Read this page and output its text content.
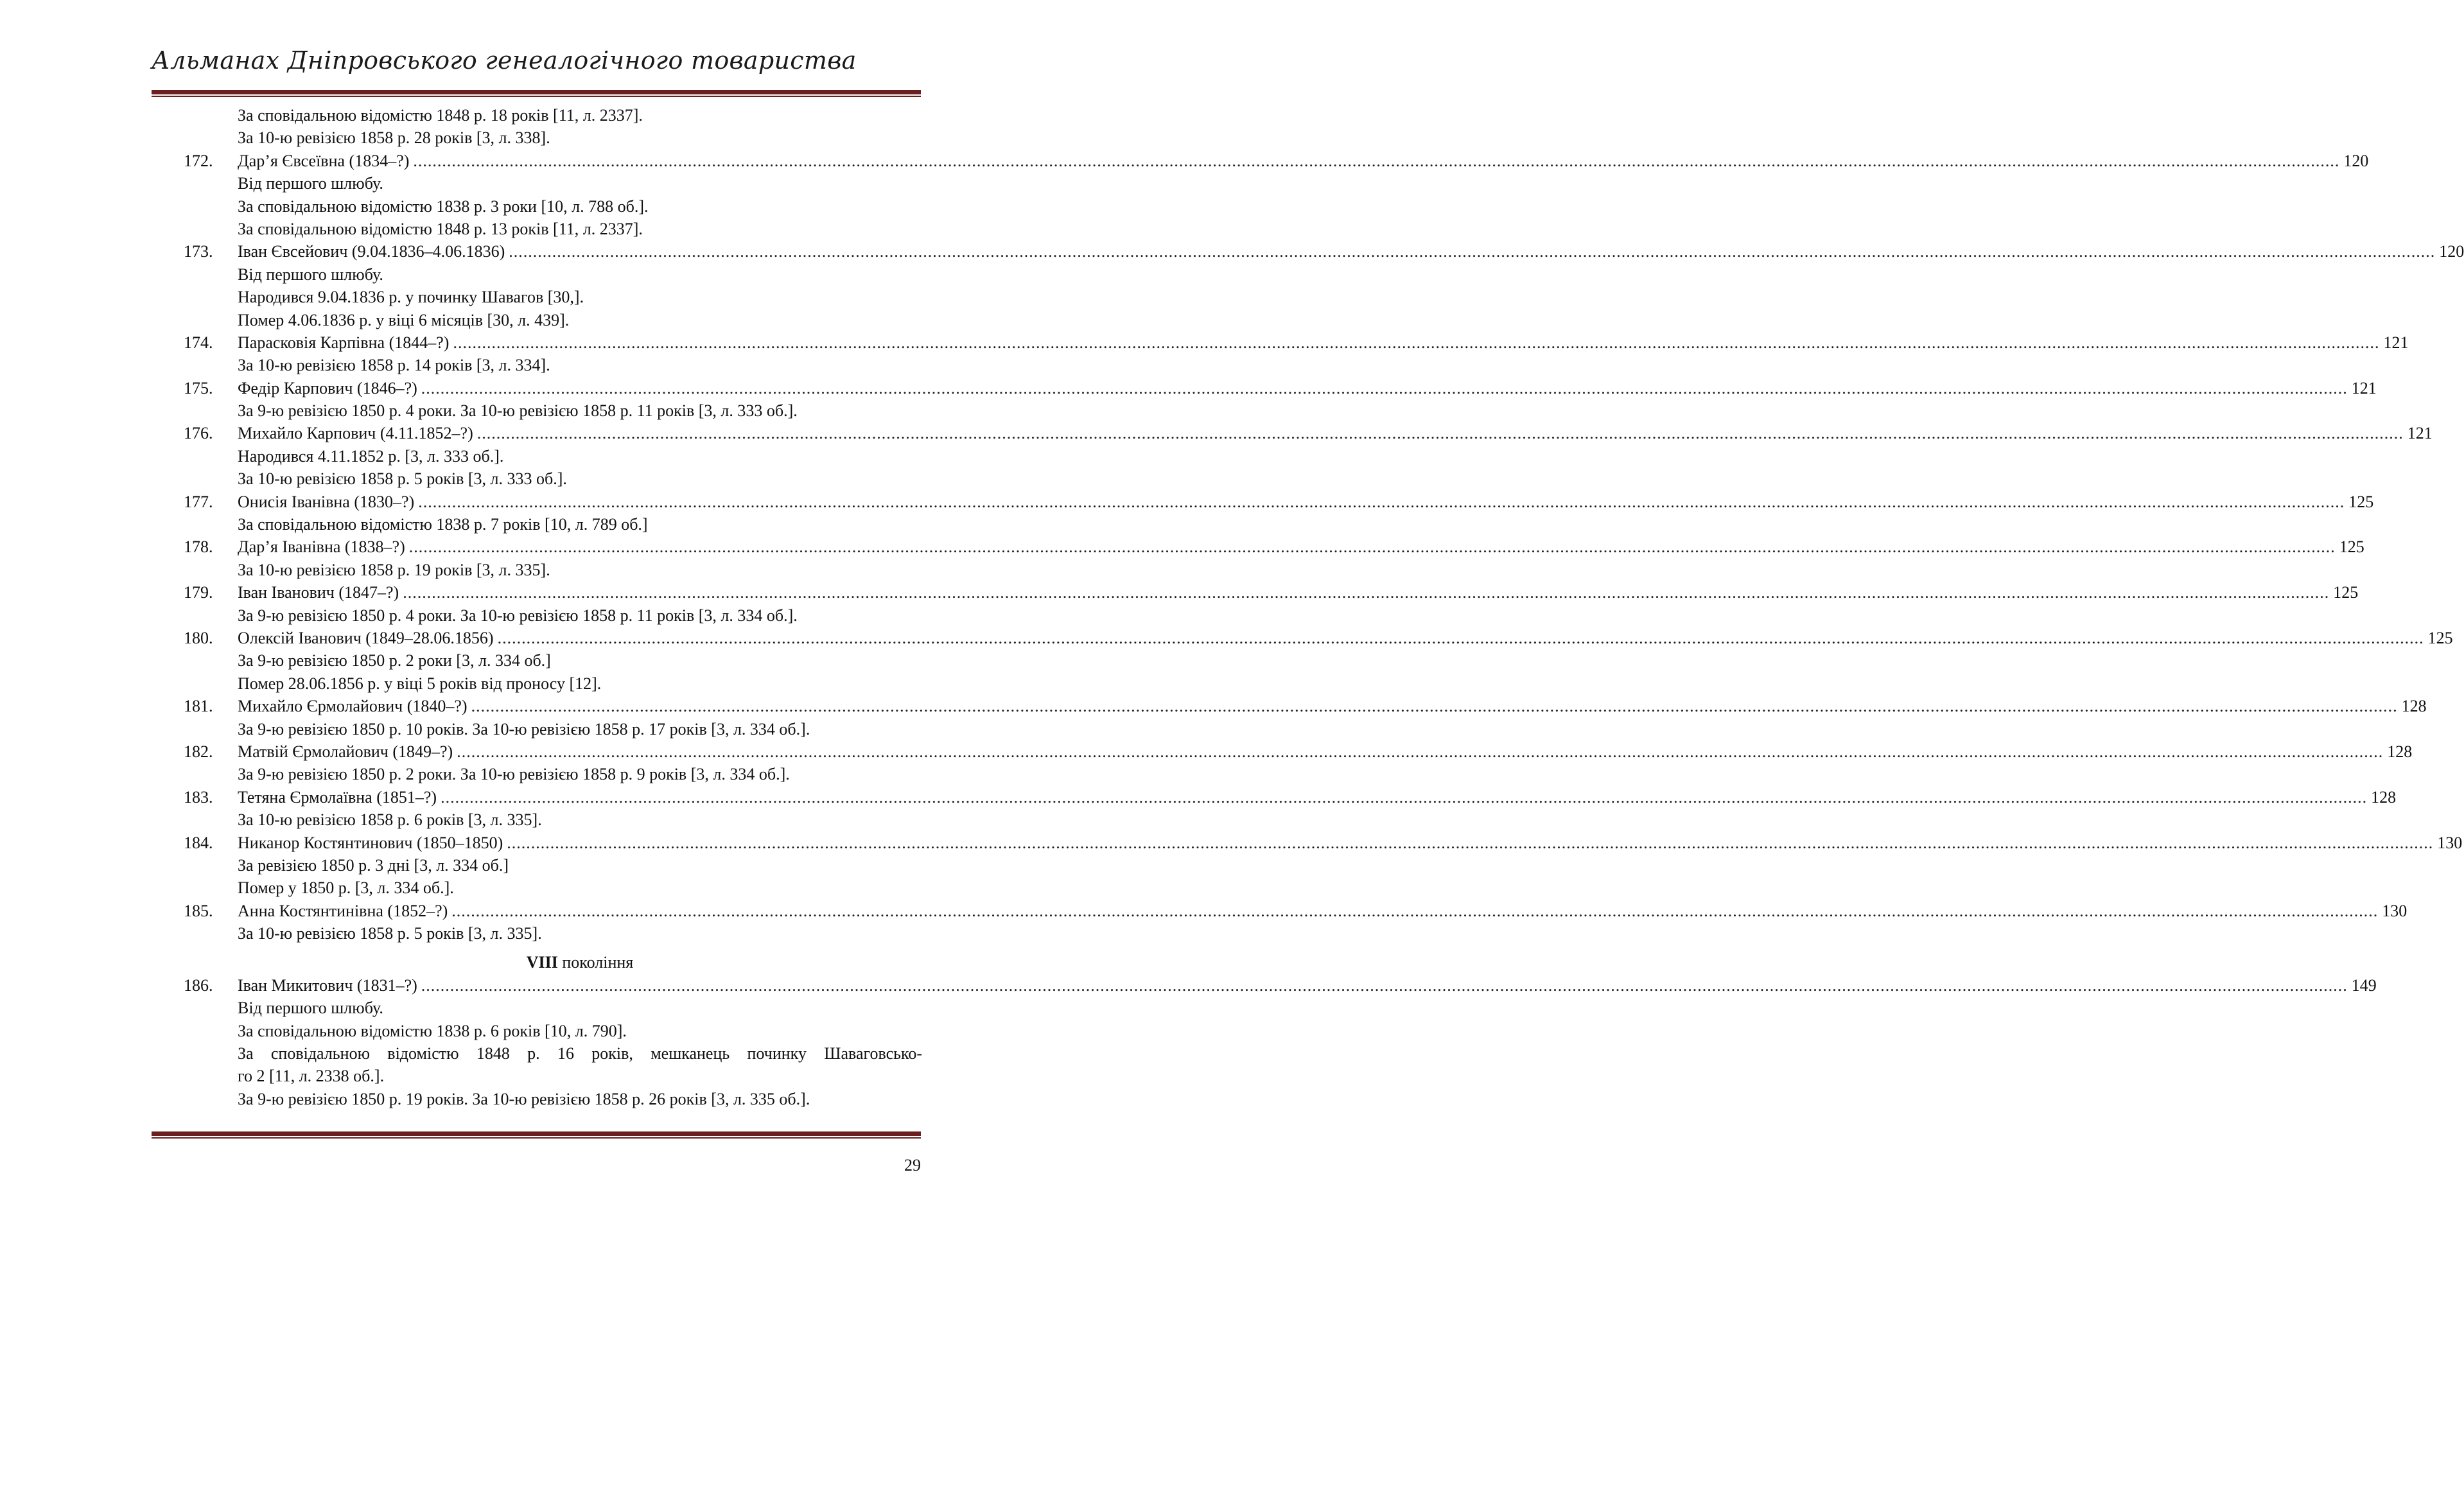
Альманах Дніпровського генеалогічного товариства
За сповідальною відомістю 1848 р. 18 років [11, л. 2337].
За 10-ю ревізією 1858 р. 28 років [3, л. 338].
172.	Дар’я Євсеївна (1834–?) ................................................................................................................................................................................................................................................................................................................................................................................................................ 120
Від першого шлюбу.
За сповідальною відомістю 1838 р. 3 роки [10, л. 788 об.].
За сповідальною відомістю 1848 р. 13 років [11, л. 2337].
173.	Іван Євсейович (9.04.1836–4.06.1836) ................................................................................................................................................................................................................................................................................................................................................................................................................ 120
Від першого шлюбу.
Народився 9.04.1836 р. у починку Шавагов [30,].
Помер 4.06.1836 р. у віці 6 місяців [30, л. 439].
174.	Парасковія Карпівна (1844–?) ................................................................................................................................................................................................................................................................................................................................................................................................................ 121
За 10-ю ревізією 1858 р. 14 років [3, л. 334].
175.	Федір Карпович (1846–?) ................................................................................................................................................................................................................................................................................................................................................................................................................ 121
За 9-ю ревізією 1850 р. 4 роки. За 10-ю ревізією 1858 р. 11 років [3, л. 333 об.].
176.	Михайло Карпович (4.11.1852–?) ................................................................................................................................................................................................................................................................................................................................................................................................................ 121
Народився 4.11.1852 р. [3, л. 333 об.].
За 10-ю ревізією 1858 р. 5 років [3, л. 333 об.].
177.	Онисія Іванівна (1830–?) ................................................................................................................................................................................................................................................................................................................................................................................................................ 125
За сповідальною відомістю 1838 р. 7 років [10, л. 789 об.]
178.	Дар’я Іванівна (1838–?) ................................................................................................................................................................................................................................................................................................................................................................................................................ 125
За 10-ю ревізією 1858 р. 19 років [3, л. 335].
179.	Іван Іванович (1847–?) ................................................................................................................................................................................................................................................................................................................................................................................................................ 125
За 9-ю ревізією 1850 р. 4 роки. За 10-ю ревізією 1858 р. 11 років [3, л. 334 об.].
180.	Олексій Іванович (1849–28.06.1856) ................................................................................................................................................................................................................................................................................................................................................................................................................ 125
За 9-ю ревізією 1850 р. 2 роки [3, л. 334 об.]
Помер 28.06.1856 р. у віці 5 років від проносу [12].
181.	Михайло Єрмолайович (1840–?) ................................................................................................................................................................................................................................................................................................................................................................................................................ 128
За 9-ю ревізією 1850 р. 10 років. За 10-ю ревізією 1858 р. 17 років [3, л. 334 об.].
182.	Матвій Єрмолайович (1849–?) ................................................................................................................................................................................................................................................................................................................................................................................................................ 128
За 9-ю ревізією 1850 р. 2 роки. За 10-ю ревізією 1858 р. 9 років [3, л. 334 об.].
183.	Тетяна Єрмолаївна (1851–?) ................................................................................................................................................................................................................................................................................................................................................................................................................ 128
За 10-ю ревізією 1858 р. 6 років [3, л. 335].
184.	Никанор Костянтинович (1850–1850) ................................................................................................................................................................................................................................................................................................................................................................................................................ 130
За ревізією 1850 р. 3 дні [3, л. 334 об.]
Помер у 1850 р. [3, л. 334 об.].
185.	Анна Костянтинівна (1852–?) ................................................................................................................................................................................................................................................................................................................................................................................................................ 130
За 10-ю ревізією 1858 р. 5 років [3, л. 335].
VIII покоління
186.	Іван Микитович (1831–?) ................................................................................................................................................................................................................................................................................................................................................................................................................ 149
Від першого шлюбу.
За сповідальною відомістю 1838 р. 6 років [10, л. 790].
За сповідальною відомістю 1848 р. 16 років, мешканець починку Шаваговсько-
го 2 [11, л. 2338 об.].
За 9-ю ревізією 1850 р. 19 років. За 10-ю ревізією 1858 р. 26 років [3, л. 335 об.].
29
